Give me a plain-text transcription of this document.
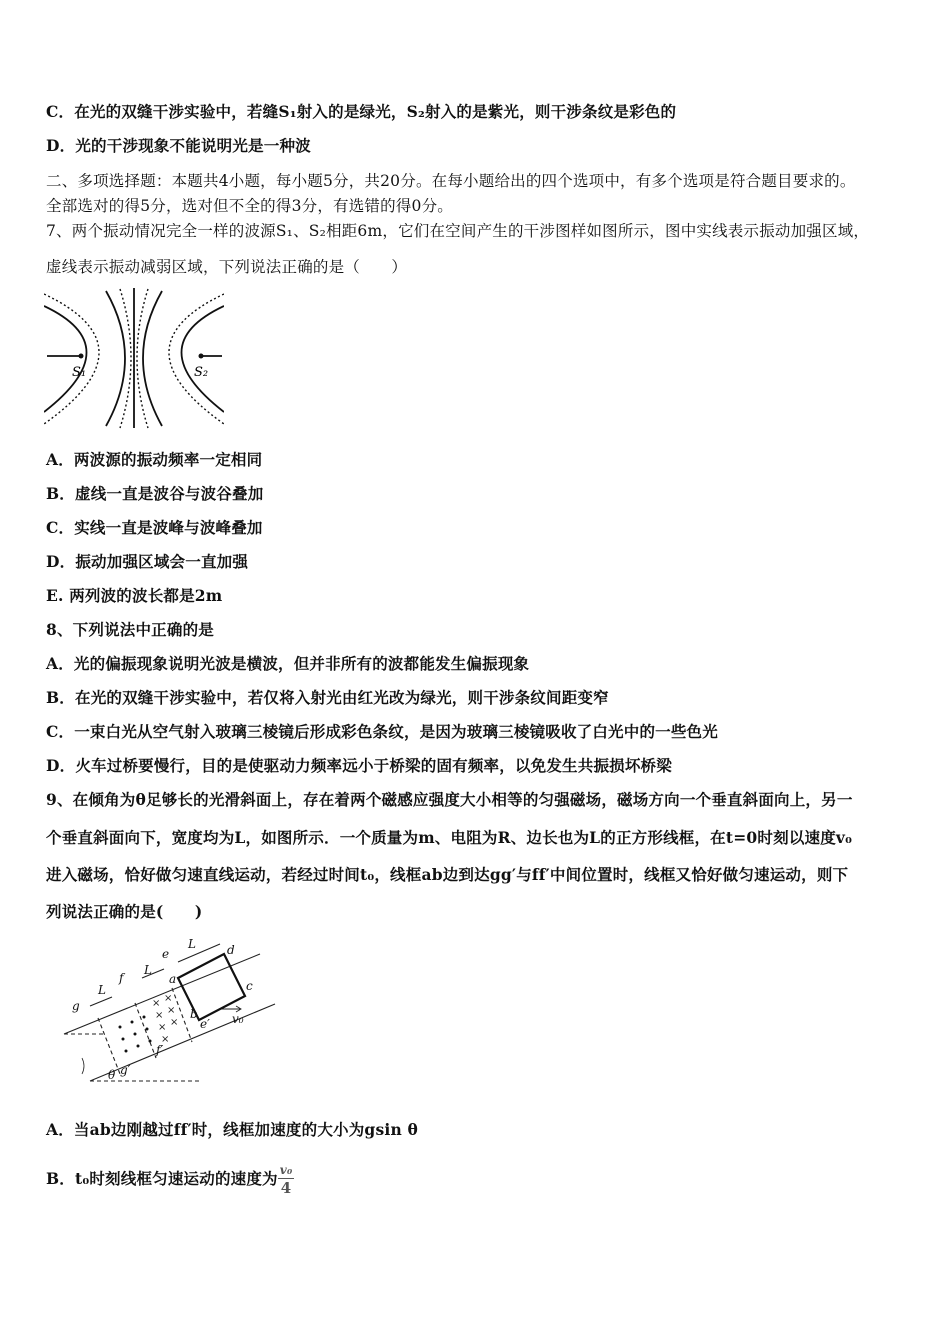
C．在光的双缝干涉实验中，若缝S₁射入的是绿光，S₂射入的是紫光，则干涉条纹是彩色的
D．光的干涉现象不能说明光是一种波
二、多项选择题：本题共4小题，每小题5分，共20分。在每小题给出的四个选项中，有多个选项是符合题目要求的。
全部选对的得5分，选对但不全的得3分，有选错的得0分。
7、两个振动情况完全一样的波源S₁、S₂相距6m，它们在空间产生的干涉图样如图所示，图中实线表示振动加强区域，
虚线表示振动减弱区域，下列说法正确的是（　　）
S₁	S₂
A．两波源的振动频率一定相同
B．虚线一直是波谷与波谷叠加
C．实线一直是波峰与波峰叠加
D．振动加强区域会一直加强
E. 两列波的波长都是2m
8、下列说法中正确的是
A．光的偏振现象说明光波是横波，但并非所有的波都能发生偏振现象
B．在光的双缝干涉实验中，若仅将入射光由红光改为绿光，则干涉条纹间距变窄
C．一束白光从空气射入玻璃三棱镜后形成彩色条纹，是因为玻璃三棱镜吸收了白光中的一些色光
D．火车过桥要慢行，目的是使驱动力频率远小于桥梁的固有频率，以免发生共振损坏桥梁
9、在倾角为θ足够长的光滑斜面上，存在着两个磁感应强度大小相等的匀强磁场，磁场方向一个垂直斜面向上，另一
个垂直斜面向下，宽度均为L，如图所示．一个质量为m、电阻为R、边长也为L的正方形线框，在t=0时刻以速度v₀
进入磁场，恰好做匀速直线运动，若经过时间t₀，线框ab边到达gg′与ff′中间位置时，线框又恰好做匀速运动，则下
列说法正确的是(　　)
× ×
× ×
× ×
×
L
L
L
e	d
f
g
c
a
b
e′
f′
g′
v₀
θ
A．当ab边刚越过ff′时，线框加速度的大小为gsin θ
B．t₀时刻线框匀速运动的速度为 $\frac{\text{v₀}}{4}$
